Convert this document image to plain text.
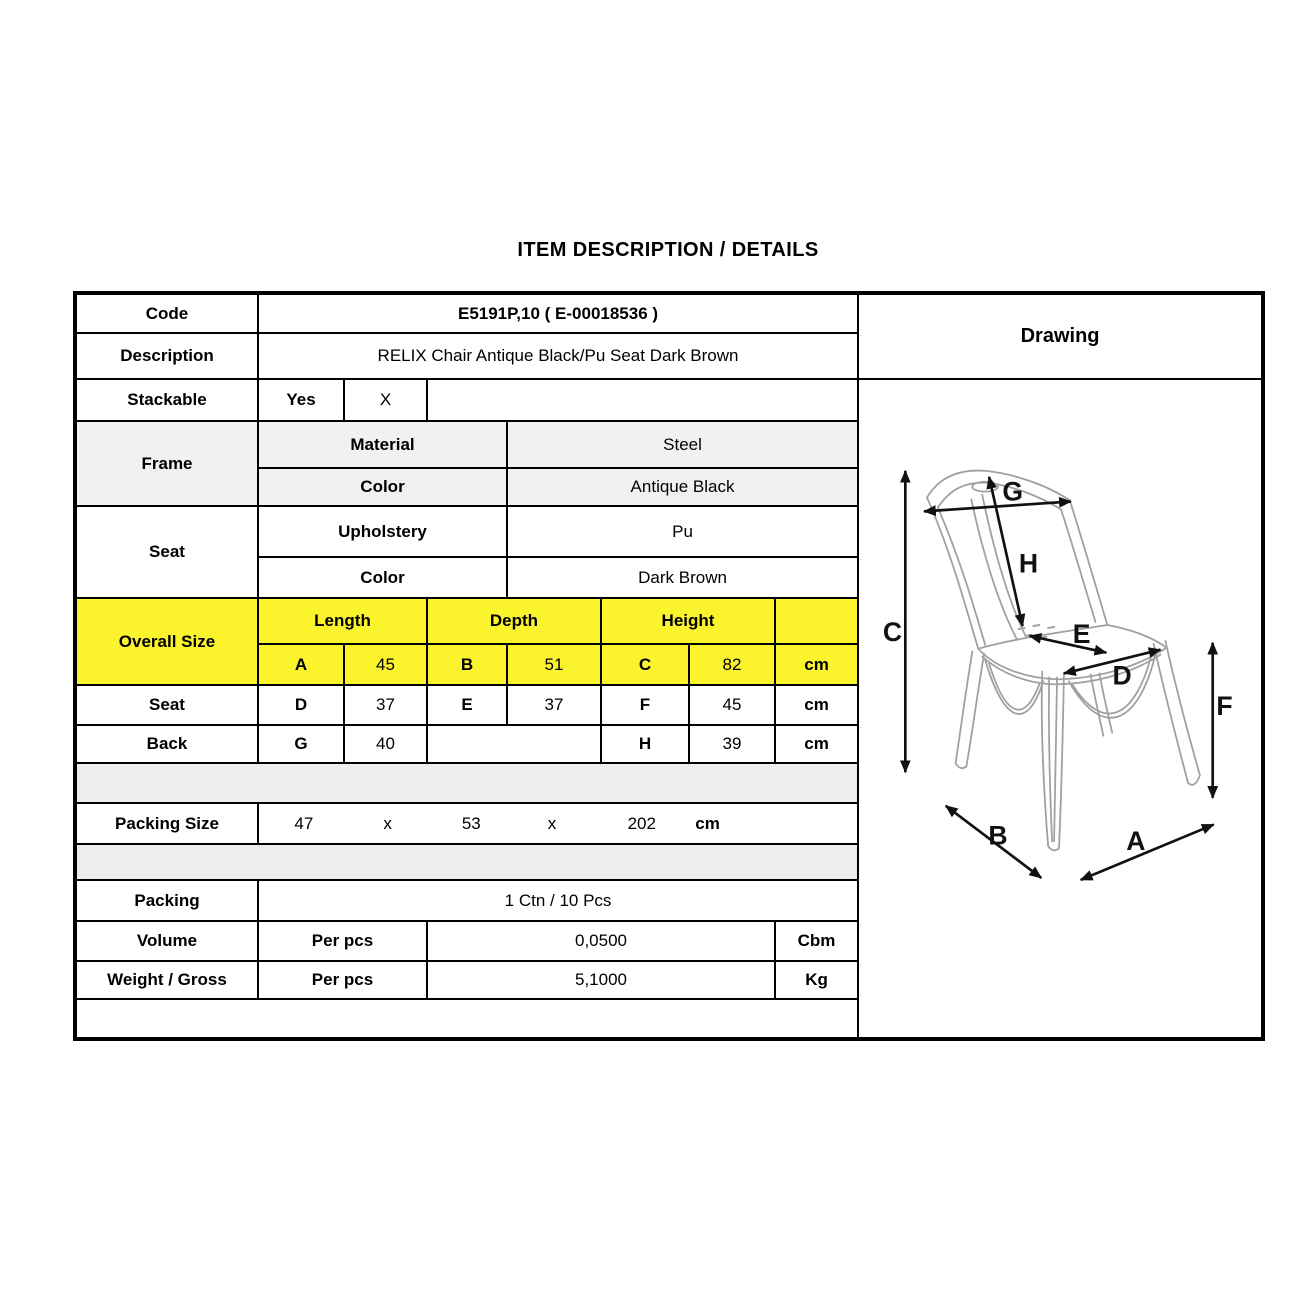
ITEM DESCRIPTION / DETAILS
Code	E5191P,10 ( E-00018536 )							Drawing
Description	RELIX Chair Antique Black/Pu Seat Dark Brown							
Stackable	Yes	X		
C
G
H
E
D
F
B	A

Frame	Material			Steel				
	Color			Antique Black				
Seat	Upholstery			Pu				
	Color			Dark Brown				
Overall Size	Length		Depth		Height			
	A	45	B	51	C	82	cm	
Seat	D	37	E	37	F	45	cm	
Back	G	40			H	39	cm	

Packing Size	47	x	53	x	202 cm

Packing	1 Ctn / 10 Pcs							
Volume	Per pcs		0,0500				Cbm	
Weight / Gross	Per pcs		5,1000				Kg	
